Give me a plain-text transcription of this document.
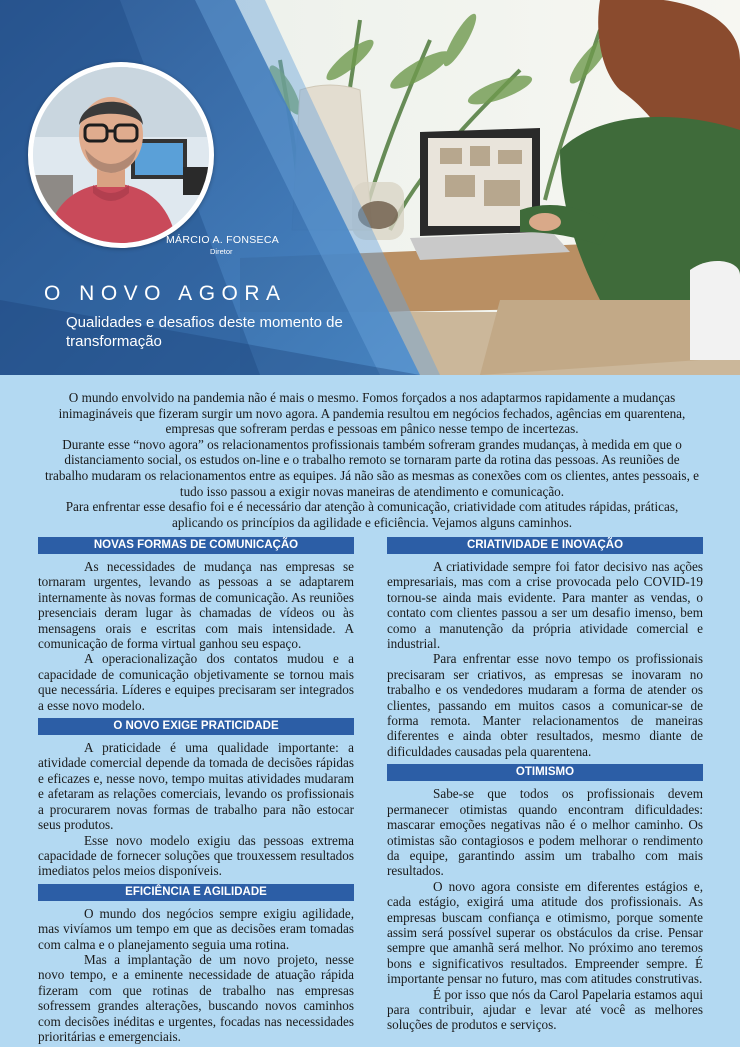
MÁRCIO A. FONSECA
Diretor
O NOVO AGORA
Qualidades e desafios deste momento de transformação

O mundo envolvido na pandemia não é mais o mesmo. Fomos forçados a nos adaptarmos rapidamente a mudanças inimagináveis que fizeram surgir um novo agora. A pandemia resultou em negócios fechados, agências em quarentena, empresas que sofreram perdas e pessoas em pânico nesse tempo de incertezas.

Durante esse “novo agora” os relacionamentos profissionais também sofreram grandes mudanças, à medida em que o distanciamento social, os estudos on-line e o trabalho remoto se tornaram parte da rotina das pessoas. As reuniões de trabalho mudaram os relacionamentos entre as equipes. Já não são as mesmas as conexões com os clientes, antes pessoais, e tudo isso passou a exigir novas maneiras de atendimento e comunicação.

Para enfrentar esse desafio foi e é necessário dar atenção à comunicação, criatividade com atitudes rápidas, práticas, aplicando os princípios da agilidade e eficiência. Vejamos alguns caminhos.

NOVAS FORMAS DE COMUNICAÇÃO

As necessidades de mudança nas empresas se tornaram urgentes, levando as pessoas a se adaptarem internamente às novas formas de comunicação. As reuniões presenciais deram lugar às chamadas de vídeos ou às mensagens orais e escritas com mais intensidade. A comunicação de forma virtual ganhou seu espaço.

A operacionalização dos contatos mudou e a capacidade de comunicação objetivamente se tornou mais que necessária. Líderes e equipes precisaram ser integrados a esse novo modelo.

O NOVO EXIGE PRATICIDADE

A praticidade é uma qualidade importante: a atividade comercial depende da tomada de decisões rápidas e eficazes e, nesse novo, tempo muitas atividades mudaram e afetaram as relações comerciais, levando os profissionais a procurarem novas formas de trabalho para não estocar seus produtos.

Esse novo modelo exigiu das pessoas extrema capacidade de fornecer soluções que trouxessem resultados imediatos pelos meios disponíveis.

EFICIÊNCIA E AGILIDADE

O mundo dos negócios sempre exigiu agilidade, mas vivíamos um tempo em que as decisões eram tomadas com calma e o planejamento seguia uma rotina.

Mas a implantação de um novo projeto, nesse novo tempo, e a eminente necessidade de atuação rápida fizeram com que rotinas de trabalho nas empresas sofressem grandes alterações, buscando novos caminhos com decisões inéditas e urgentes, focadas nas necessidades prioritárias e emergenciais.

CRIATIVIDADE E INOVAÇÃO

A criatividade sempre foi fator decisivo nas ações empresariais, mas com a crise provocada pelo COVID-19 tornou-se ainda mais evidente. Para manter as vendas, o contato com clientes passou a ser um desafio imenso, bem como a manutenção da própria atividade comercial e industrial.

Para enfrentar esse novo tempo os profissionais precisaram ser criativos, as empresas se inovaram no trabalho e os vendedores mudaram a forma de atender os clientes, passando em muitos casos a comunicar-se de forma remota. Manter relacionamentos de maneiras diferentes e ainda obter resultados, mesmo diante de dificuldades causadas pela quarentena.

OTIMISMO

Sabe-se que todos os profissionais devem permanecer otimistas quando encontram dificuldades: mascarar emoções negativas não é o melhor caminho. Os otimistas são contagiosos e podem melhorar o rendimento da equipe, garantindo assim um trabalho com mais resultados.

O novo agora consiste em diferentes estágios e, cada estágio, exigirá uma atitude dos profissionais. As empresas buscam confiança e otimismo, porque somente assim será possível superar os obstáculos da crise. Pensar sempre que amanhã será melhor. No próximo ano teremos bons e significativos resultados. Empreender sempre. É importante pensar no futuro, mas com atitudes construtivas.

É por isso que nós da Carol Papelaria estamos aqui para contribuir, ajudar e levar até você as melhores soluções de produtos e serviços.
